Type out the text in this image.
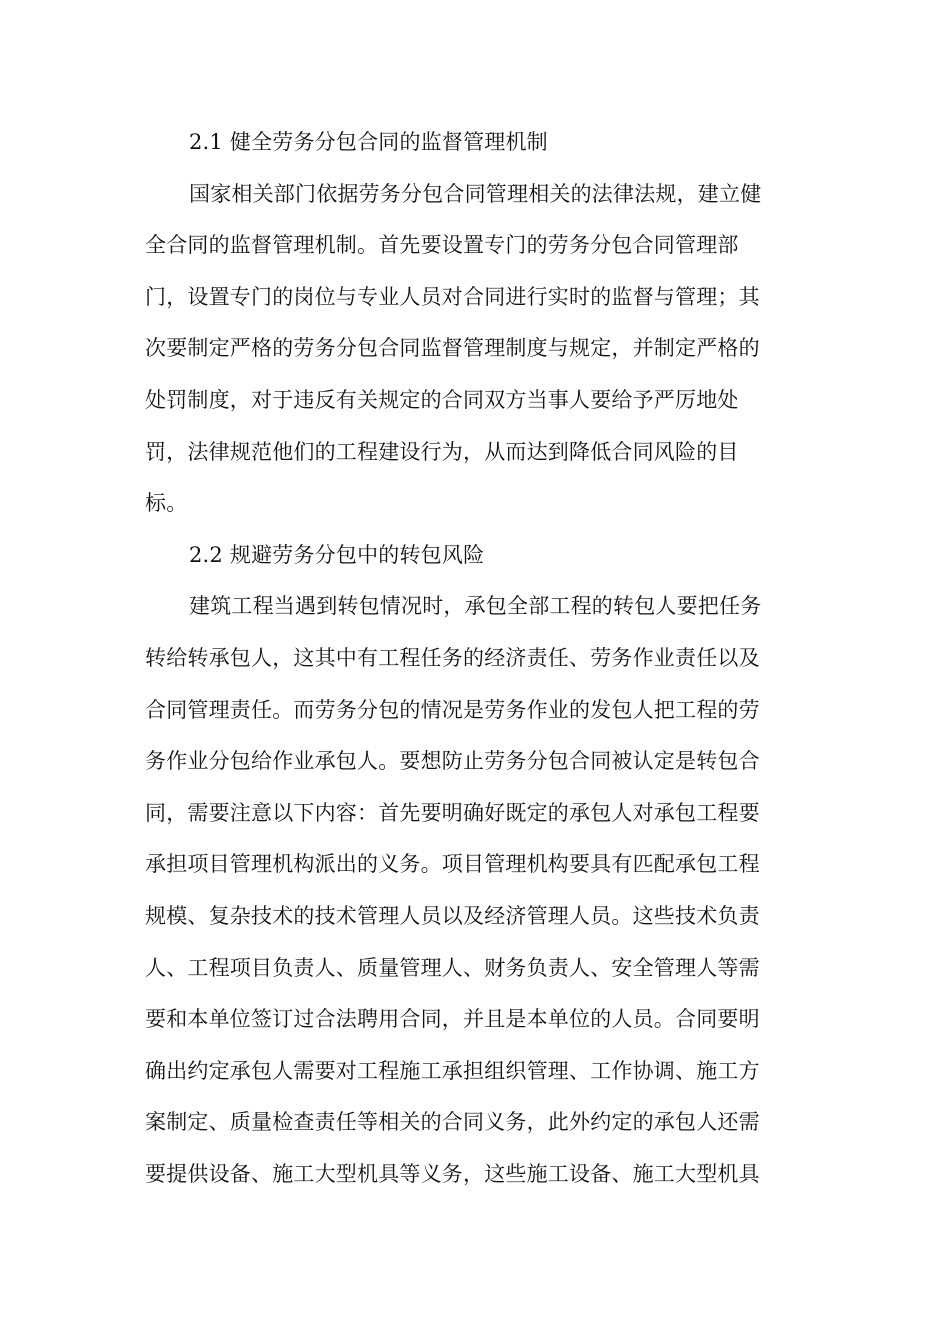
2.1 健全劳务分包合同的监督管理机制

国家相关部门依据劳务分包合同管理相关的法律法规，建立健
全合同的监督管理机制。首先要设置专门的劳务分包合同管理部
门，设置专门的岗位与专业人员对合同进行实时的监督与管理；其
次要制定严格的劳务分包合同监督管理制度与规定，并制定严格的
处罚制度，对于违反有关规定的合同双方当事人要给予严厉地处
罚，法律规范他们的工程建设行为，从而达到降低合同风险的目
标。

2.2 规避劳务分包中的转包风险

建筑工程当遇到转包情况时，承包全部工程的转包人要把任务
转给转承包人，这其中有工程任务的经济责任、劳务作业责任以及
合同管理责任。而劳务分包的情况是劳务作业的发包人把工程的劳
务作业分包给作业承包人。要想防止劳务分包合同被认定是转包合
同，需要注意以下内容：首先要明确好既定的承包人对承包工程要
承担项目管理机构派出的义务。项目管理机构要具有匹配承包工程
规模、复杂技术的技术管理人员以及经济管理人员。这些技术负责
人、工程项目负责人、质量管理人、财务负责人、安全管理人等需
要和本单位签订过合法聘用合同，并且是本单位的人员。合同要明
确出约定承包人需要对工程施工承担组织管理、工作协调、施工方
案制定、质量检查责任等相关的合同义务，此外约定的承包人还需
要提供设备、施工大型机具等义务，这些施工设备、施工大型机具
